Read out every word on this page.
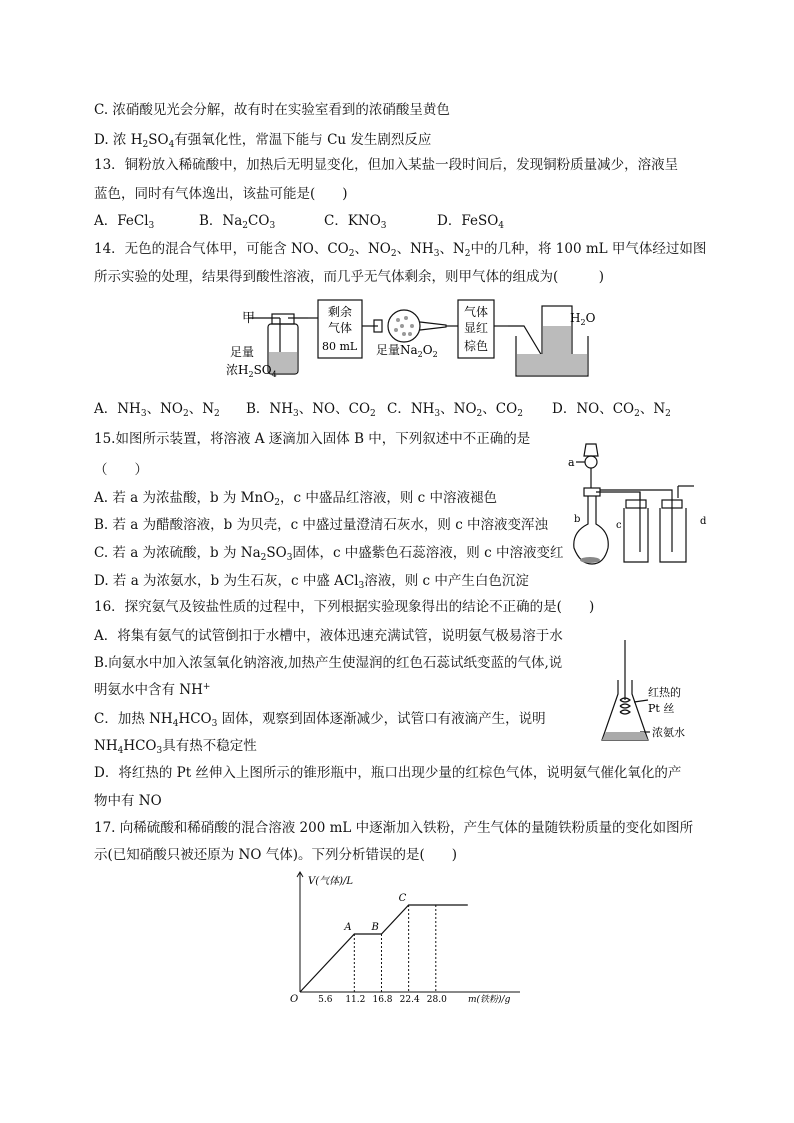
C. 浓硝酸见光会分解，故有时在实验室看到的浓硝酸呈黄色
D. 浓 $H_2SO_4$有强氧化性，常温下能与 Cu 发生剧烈反应
13．铜粉放入稀硫酸中，加热后无明显变化，但加入某盐一段时间后，发现铜粉质量减少，溶液呈
蓝色，同时有气体逸出，该盐可能是(　　)
A．FeCl$_3$	B．$Na_2CO_3$	C．$KNO_3$	D．FeSO$_4$
14．无色的混合气体甲，可能含 NO、$CO_2$、$NO_2$、$NH_3$、$N_2$中的几种，将 100 mL 甲气体经过如图
所示实验的处理，结果得到酸性溶液，而几乎无气体剩余，则甲气体的组成为(　　　)
甲
足量
浓$H_2SO_4$
剩余
气体
80 mL 足量$Na_2O_2$
气体
显红
棕色
$H_2O$
A．$NH_3$、$NO_2$、$N_2$ B．$NH_3$、NO、$CO_2$ C．$NH_3$、$NO_2$、$CO_2$ D．NO、$CO_2$、$N_2$
15.如图所示装置，将溶液 A 逐滴加入固体 B 中，下列叙述中不正确的是
（　　）
A. 若 a 为浓盐酸，b 为 MnO$_2$，c 中盛品红溶液，则 c 中溶液褪色
B. 若 a 为醋酸溶液，b 为贝壳，c 中盛过量澄清石灰水，则 c 中溶液变浑浊
C. 若 a 为浓硫酸，b 为 $Na_2SO_3$固体，c 中盛紫色石蕊溶液，则 c 中溶液变红
D. 若 a 为浓氨水，b 为生石灰，c 中盛 ACl$_3$溶液，则 c 中产生白色沉淀
a
b
c	d
16．探究氨气及铵盐性质的过程中，下列根据实验现象得出的结论不正确的是(　　)
A．将集有氨气的试管倒扣于水槽中，液体迅速充满试管，说明氨气极易溶于水
B.向氨水中加入浓氢氧化钠溶液,加热产生使湿润的红色石蕊试纸变蓝的气体,说
明氨水中含有 NH+
C．加热 $NH_4HCO_3$ 固体，观察到固体逐渐减少，试管口有液滴产生，说明
$NH_4HCO_3$具有热不稳定性
D．将红热的 Pt 丝伸入上图所示的锥形瓶中，瓶口出现少量的红棕色气体，说明氨气催化氧化的产
物中有 NO
红热的
Pt 丝
浓氨水
17. 向稀硫酸和稀硝酸的混合溶液 200 mL 中逐渐加入铁粉，产生气体的量随铁粉质量的变化如图所
示(已知硝酸只被还原为 NO 气体)。下列分析错误的是(　　)
V(气体)/L
O	m(铁粉)/g
5.6 11.2 16.8 22.4 28.0
A B
C
